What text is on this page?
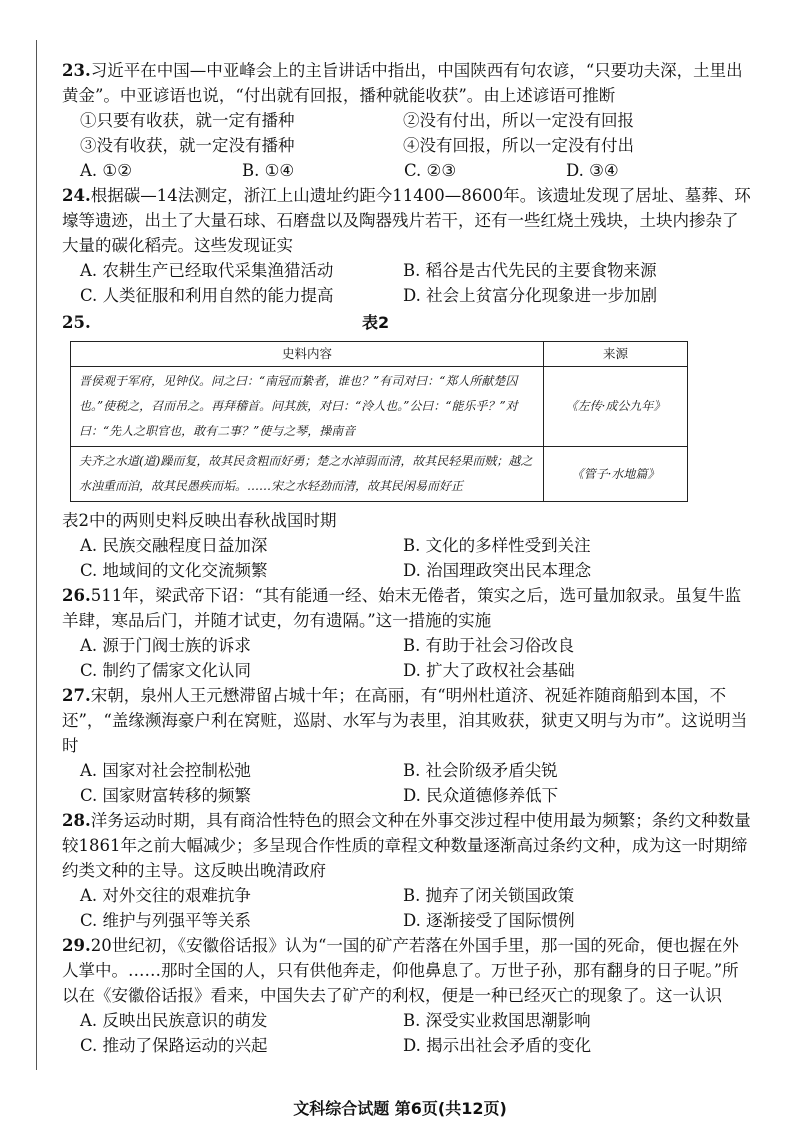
23.习近平在中国—中亚峰会上的主旨讲话中指出，中国陕西有句农谚，“只要功夫深，土里出黄金”。中亚谚语也说，“付出就有回报，播种就能收获”。由上述谚语可推断

①只要有收获，就一定有播种	②没有付出，所以一定没有回报
③没有收获，就一定没有播种	④没有回报，所以一定没有付出
A. ①②	B. ①④	C. ②③	D. ③④

24.根据碳—14法测定，浙江上山遗址约距今11400—8600年。该遗址发现了居址、墓葬、环壕等遗迹，出土了大量石球、石磨盘以及陶器残片若干，还有一些红烧土残块，土块内掺杂了大量的碳化稻壳。这些发现证实

A. 农耕生产已经取代采集渔猎活动	B. 稻谷是古代先民的主要食物来源
C. 人类征服和利用自然的能力提高	D. 社会上贫富分化现象进一步加剧
25.	表2
史料内容	来源
晋侯观于军府，见钟仪。问之曰：“南冠而絷者，谁也？”有司对曰：“郑人所献楚囚也。”使税之，召而吊之。再拜稽首。问其族，对曰：“泠人也。”公曰：“能乐乎？”对曰：“先人之职官也，敢有二事？”使与之琴，操南音	《左传·成公九年》
夫齐之水道(道)躁而复，故其民贪粗而好勇；楚之水淖弱而清，故其民轻果而贼；越之水浊重而洎，故其民愚疾而垢。……宋之水轻劲而清，故其民闲易而好正	《管子·水地篇》

表2中的两则史料反映出春秋战国时期

A. 民族交融程度日益加深	B. 文化的多样性受到关注
C. 地域间的文化交流频繁	D. 治国理政突出民本理念

26.511年，梁武帝下诏：“其有能通一经、始末无倦者，策实之后，选可量加叙录。虽复牛监羊肆，寒品后门，并随才试吏，勿有遗隔。”这一措施的实施

A. 源于门阀士族的诉求	B. 有助于社会习俗改良
C. 制约了儒家文化认同	D. 扩大了政权社会基础

27.宋朝，泉州人王元懋滞留占城十年；在高丽，有“明州杜道济、祝延祚随商船到本国，不还”，“盖缘濒海豪户利在窝赃，巡尉、水军与为表里，洎其败获，狱吏又明与为市”。这说明当时

A. 国家对社会控制松弛	B. 社会阶级矛盾尖锐
C. 国家财富转移的频繁	D. 民众道德修养低下

28.洋务运动时期，具有商洽性特色的照会文种在外事交涉过程中使用最为频繁；条约文种数量较1861年之前大幅减少；多呈现合作性质的章程文种数量逐渐高过条约文种，成为这一时期缔约类文种的主导。这反映出晚清政府

A. 对外交往的艰难抗争	B. 抛弃了闭关锁国政策
C. 维护与列强平等关系	D. 逐渐接受了国际惯例

29.20世纪初，《安徽俗话报》认为“一国的矿产若落在外国手里，那一国的死命，便也握在外人掌中。……那时全国的人，只有供他奔走，仰他鼻息了。万世子孙，那有翻身的日子呢。”所以在《安徽俗话报》看来，中国失去了矿产的利权，便是一种已经灭亡的现象了。这一认识

A. 反映出民族意识的萌发	B. 深受实业救国思潮影响
C. 推动了保路运动的兴起	D. 揭示出社会矛盾的变化
文科综合试题 第6页(共12页)
